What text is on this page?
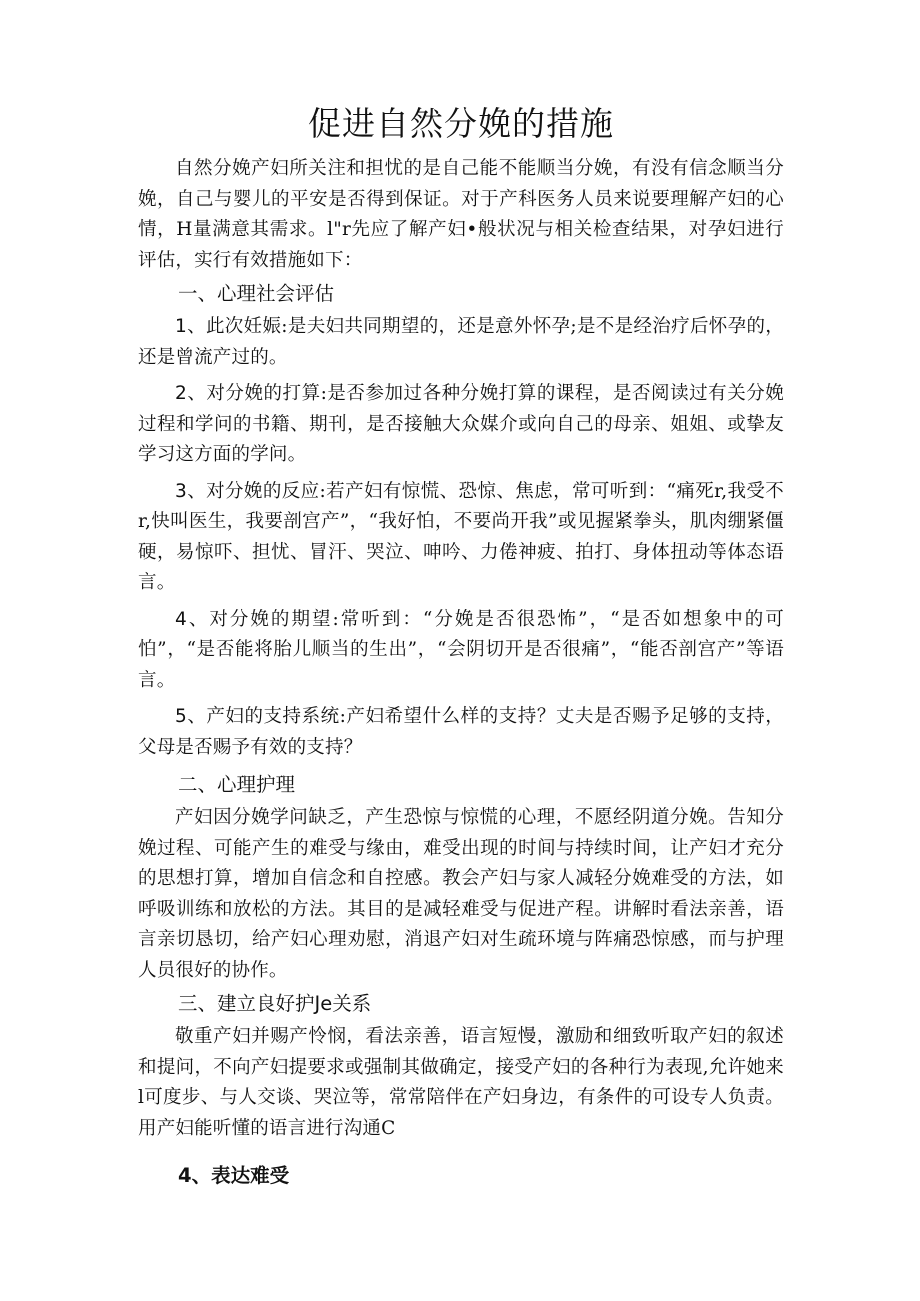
促进自然分娩的措施

自然分娩产妇所关注和担忧的是自己能不能顺当分娩，有没有信念顺当分娩，自己与婴儿的平安是否得到保证。对于产科医务人员来说要理解产妇的心情，H量满意其需求。l"r先应了解产妇•般状况与相关检查结果，对孕妇进行评估，实行有效措施如下：

一、心理社会评估

1、此次妊娠:是夫妇共同期望的，还是意外怀孕;是不是经治疗后怀孕的，还是曾流产过的。

2、对分娩的打算:是否参加过各种分娩打算的课程，是否阅读过有关分娩过程和学问的书籍、期刊，是否接触大众媒介或向自己的母亲、姐姐、或挚友学习这方面的学问。

3、对分娩的反应:若产妇有惊慌、恐惊、焦虑，常可听到：“痛死r,我受不r,快叫医生，我要剖宫产”，“我好怕，不要尚开我”或见握紧拳头，肌肉绷紧僵硬，易惊吓、担忧、冒汗、哭泣、呻吟、力倦神疲、拍打、身体扭动等体态语言。

4、对分娩的期望:常听到：“分娩是否很恐怖”，“是否如想象中的可怕”，“是否能将胎儿顺当的生出”，“会阴切开是否很痛”，“能否剖宫产”等语言。

5、产妇的支持系统:产妇希望什么样的支持？丈夫是否赐予足够的支持，父母是否赐予有效的支持？

二、心理护理

产妇因分娩学问缺乏，产生恐惊与惊慌的心理，不愿经阴道分娩。告知分娩过程、可能产生的难受与缘由，难受出现的时间与持续时间，让产妇才充分的思想打算，增加自信念和自控感。教会产妇与家人减轻分娩难受的方法，如呼吸训练和放松的方法。其目的是减轻难受与促进产程。讲解时看法亲善，语言亲切恳切，给产妇心理劝慰，消退产妇对生疏环境与阵痛恐惊感，而与护理人员很好的协作。

三、建立良好护Je关系

敬重产妇并赐产怜悯，看法亲善，语言短慢，激励和细致听取产妇的叙述和提问，不向产妇提要求或强制其做确定，接受产妇的各种行为表现,允许她来l可度步、与人交谈、哭泣等，常常陪伴在产妇身边，有条件的可设专人负责。用产妇能听懂的语言进行沟通C

4、表达难受
